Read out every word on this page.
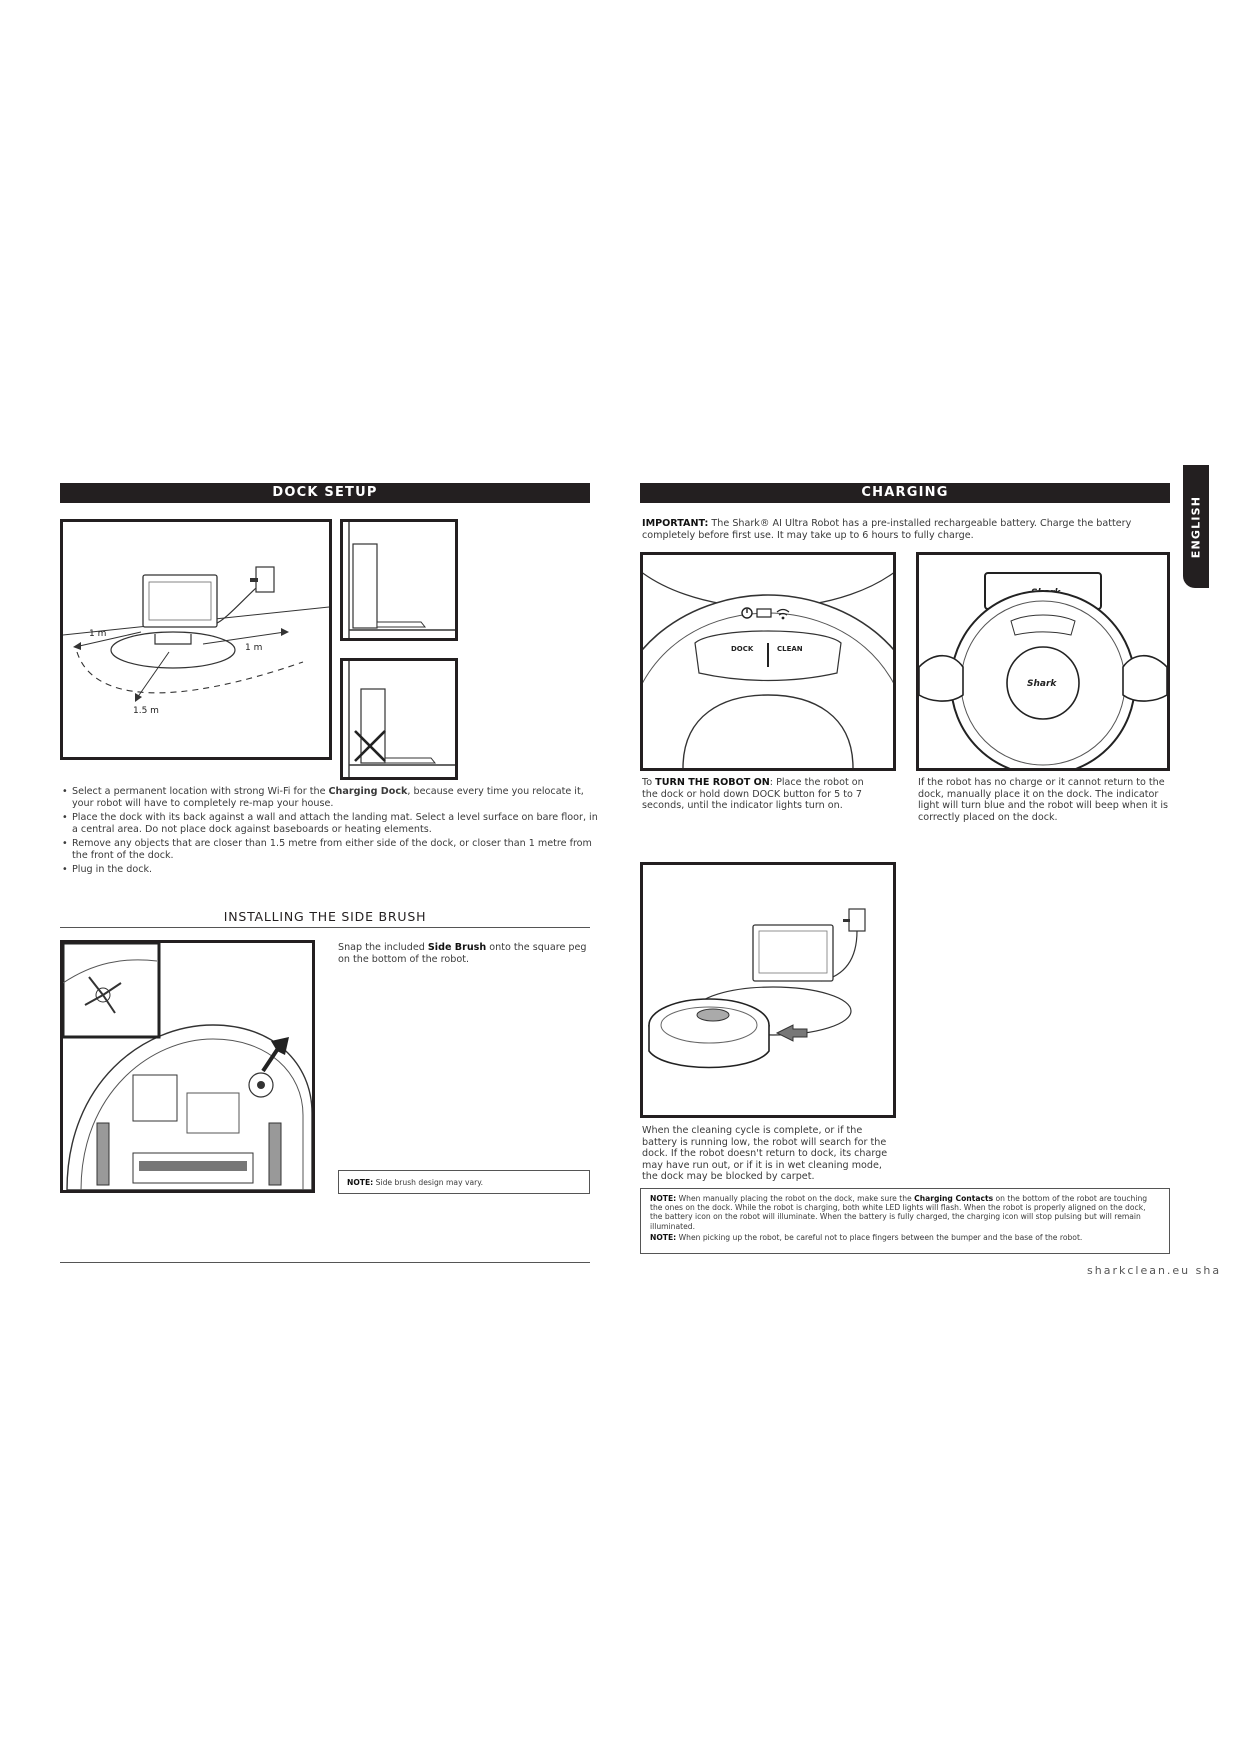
ENGLISH
DOCK SETUP
1 m
1 m
1.5 m
• Select a permanent location with strong Wi-Fi for the Charging Dock, because every time you relocate it, your robot will have to completely re-map your house.
• Place the dock with its back against a wall and attach the landing mat. Select a level surface on bare floor, in a central area. Do not place dock against baseboards or heating elements.
• Remove any objects that are closer than 1.5 metre from either side of the dock, or closer than 1 metre from the front of the dock.
• Plug in the dock.
INSTALLING THE SIDE BRUSH
Snap the included Side Brush onto the square peg on the bottom of the robot.
NOTE: Side brush design may vary.
CHARGING
IMPORTANT: The Shark® AI Ultra Robot has a pre-installed rechargeable battery. Charge the battery completely before first use. It may take up to 6 hours to fully charge.
DOCK	CLEAN
Shark
To TURN THE ROBOT ON: Place the robot on the dock or hold down DOCK button for 5 to 7 seconds, until the indicator lights turn on.
If the robot has no charge or it cannot return to the dock, manually place it on the dock. The indicator light will turn blue and the robot will beep when it is correctly placed on the dock.
When the cleaning cycle is complete, or if the battery is running low, the robot will search for the dock. If the robot doesn't return to dock, its charge may have run out, or if it is in wet cleaning mode, the dock may be blocked by carpet.
NOTE: When manually placing the robot on the dock, make sure the Charging Contacts on the bottom of the robot are touching the ones on the dock. While the robot is charging, both white LED lights will flash. When the robot is properly aligned on the dock, the battery icon on the robot will illuminate. When the battery is fully charged, the charging icon will stop pulsing but will remain illuminated.
NOTE: When picking up the robot, be careful not to place fingers between the bumper and the base of the robot.
sharkclean.eu sha
